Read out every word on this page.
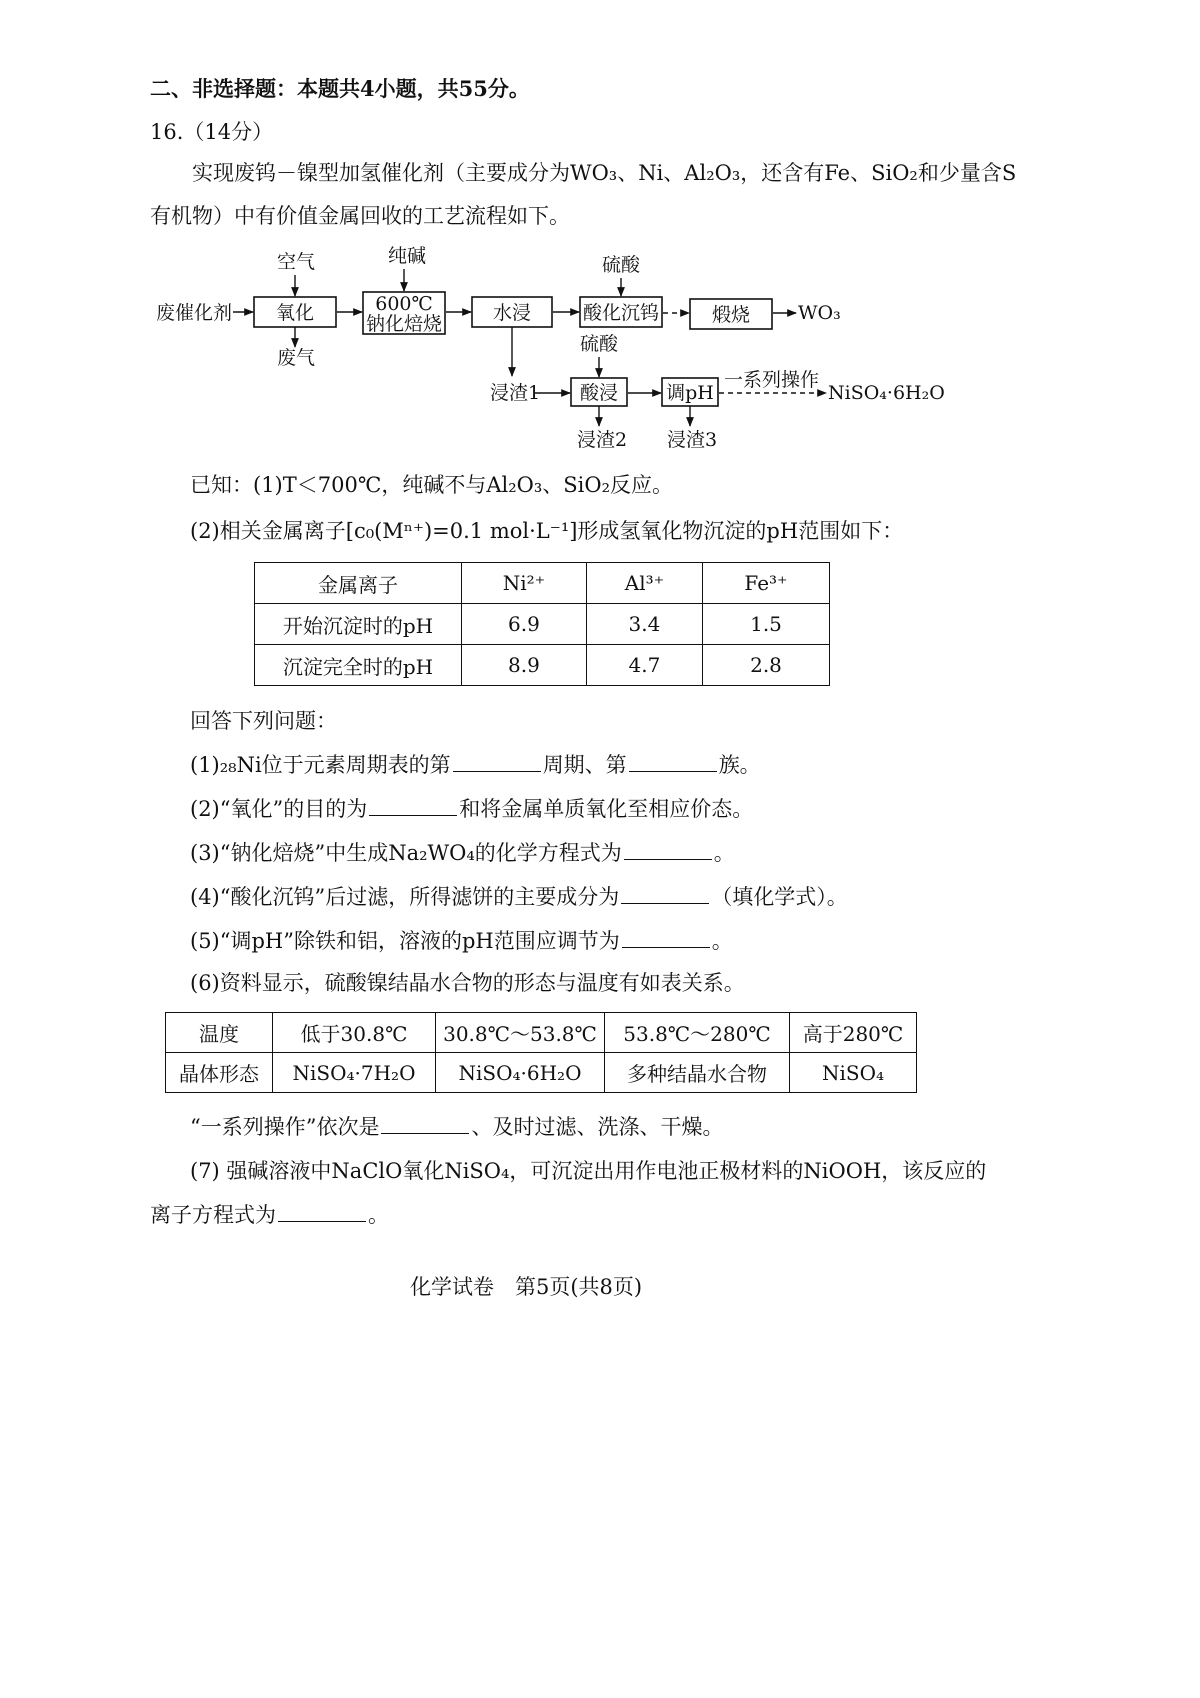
二、非选择题：本题共4小题，共55分。
16.（14分）
实现废钨－镍型加氢催化剂（主要成分为WO₃、Ni、Al₂O₃，还含有Fe、SiO₂和少量含S
有机物）中有价值金属回收的工艺流程如下。
废催化剂
空气
废气
纯碱	硫酸
硫酸
浸渣1
浸渣2 浸渣3
一系列操作
NiSO₄·6H₂O
WO₃
氧化	600℃
钠化焙烧	水浸	酸化沉钨	煅烧
酸浸	调pH
已知：(1)T＜700℃，纯碱不与Al₂O₃、SiO₂反应。
(2)相关金属离子[c₀(Mⁿ⁺)=0.1 mol·L⁻¹]形成氢氧化物沉淀的pH范围如下：
金属离子	Ni²⁺	Al³⁺	Fe³⁺
开始沉淀时的pH	6.9	3.4	1.5
沉淀完全时的pH	8.9	4.7	2.8
回答下列问题：
(1)₂₈Ni位于元素周期表的第	周期、第	族。
(2)“氧化”的目的为	和将金属单质氧化至相应价态。
(3)“钠化焙烧”中生成Na₂WO₄的化学方程式为	。
(4)“酸化沉钨”后过滤，所得滤饼的主要成分为	（填化学式）。
(5)“调pH”除铁和铝，溶液的pH范围应调节为	。
(6)资料显示，硫酸镍结晶水合物的形态与温度有如表关系。
温度	低于30.8℃	30.8℃～53.8℃	53.8℃～280℃	高于280℃
晶体形态	NiSO₄·7H₂O	NiSO₄·6H₂O	多种结晶水合物	NiSO₄
“一系列操作”依次是	、及时过滤、洗涤、干燥。
(7) 强碱溶液中NaClO氧化NiSO₄，可沉淀出用作电池正极材料的NiOOH，该反应的
离子方程式为	。
化学试卷　第5页(共8页)
